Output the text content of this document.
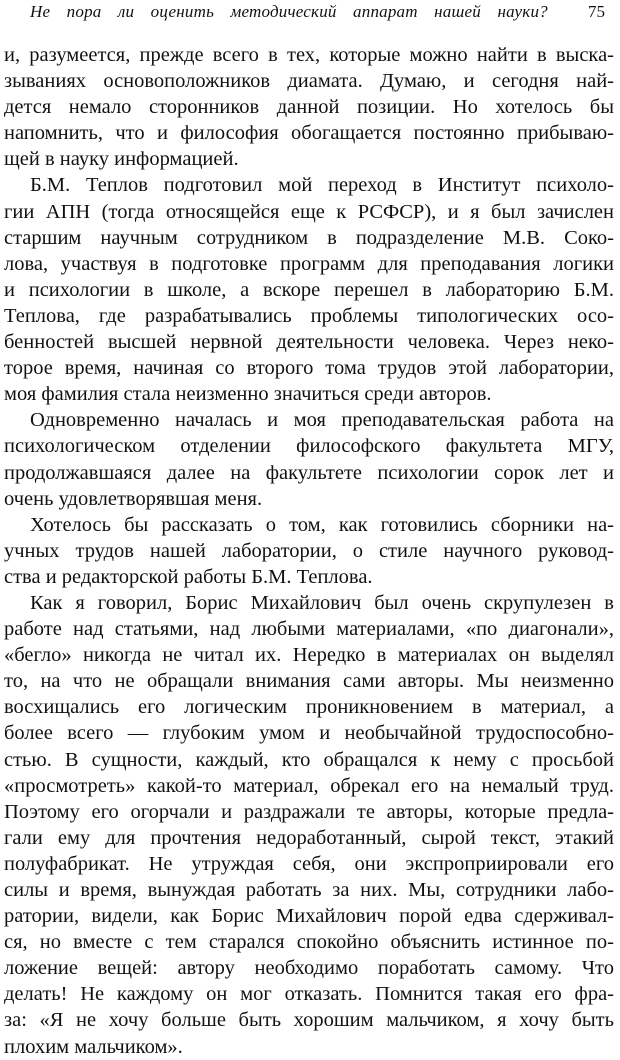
Не пора ли оценить методический аппарат нашей науки? 75
и, разумеется, прежде всего в тех, которые можно найти в выска-
зываниях основоположников диамата. Думаю, и сегодня най-
дется немало сторонников данной позиции. Но хотелось бы
напомнить, что и философия обогащается постоянно прибываю-
щей в науку информацией.
Б.М. Теплов подготовил мой переход в Институт психоло-
гии АПН (тогда относящейся еще к РСФСР), и я был зачислен
старшим научным сотрудником в подразделение М.В. Соко-
лова, участвуя в подготовке программ для преподавания логики
и психологии в школе, а вскоре перешел в лабораторию Б.М.
Теплова, где разрабатывались проблемы типологических осо-
бенностей высшей нервной деятельности человека. Через неко-
торое время, начиная со второго тома трудов этой лаборатории,
моя фамилия стала неизменно значиться среди авторов.
Одновременно началась и моя преподавательская работа на
психологическом отделении философского факультета МГУ,
продолжавшаяся далее на факультете психологии сорок лет и
очень удовлетворявшая меня.
Хотелось бы рассказать о том, как готовились сборники на-
учных трудов нашей лаборатории, о стиле научного руковод-
ства и редакторской работы Б.М. Теплова.
Как я говорил, Борис Михайлович был очень скрупулезен в
работе над статьями, над любыми материалами, «по диагонали»,
«бегло» никогда не читал их. Нередко в материалах он выделял
то, на что не обращали внимания сами авторы. Мы неизменно
восхищались его логическим проникновением в материал, а
более всего — глубоким умом и необычайной трудоспособно-
стью. В сущности, каждый, кто обращался к нему с просьбой
«просмотреть» какой-то материал, обрекал его на немалый труд.
Поэтому его огорчали и раздражали те авторы, которые предла-
гали ему для прочтения недоработанный, сырой текст, этакий
полуфабрикат. Не утруждая себя, они экспроприировали его
силы и время, вынуждая работать за них. Мы, сотрудники лабо-
ратории, видели, как Борис Михайлович порой едва сдерживал-
ся, но вместе с тем старался спокойно объяснить истинное по-
ложение вещей: автору необходимо поработать самому. Что
делать! Не каждому он мог отказать. Помнится такая его фра-
за: «Я не хочу больше быть хорошим мальчиком, я хочу быть
плохим мальчиком».
